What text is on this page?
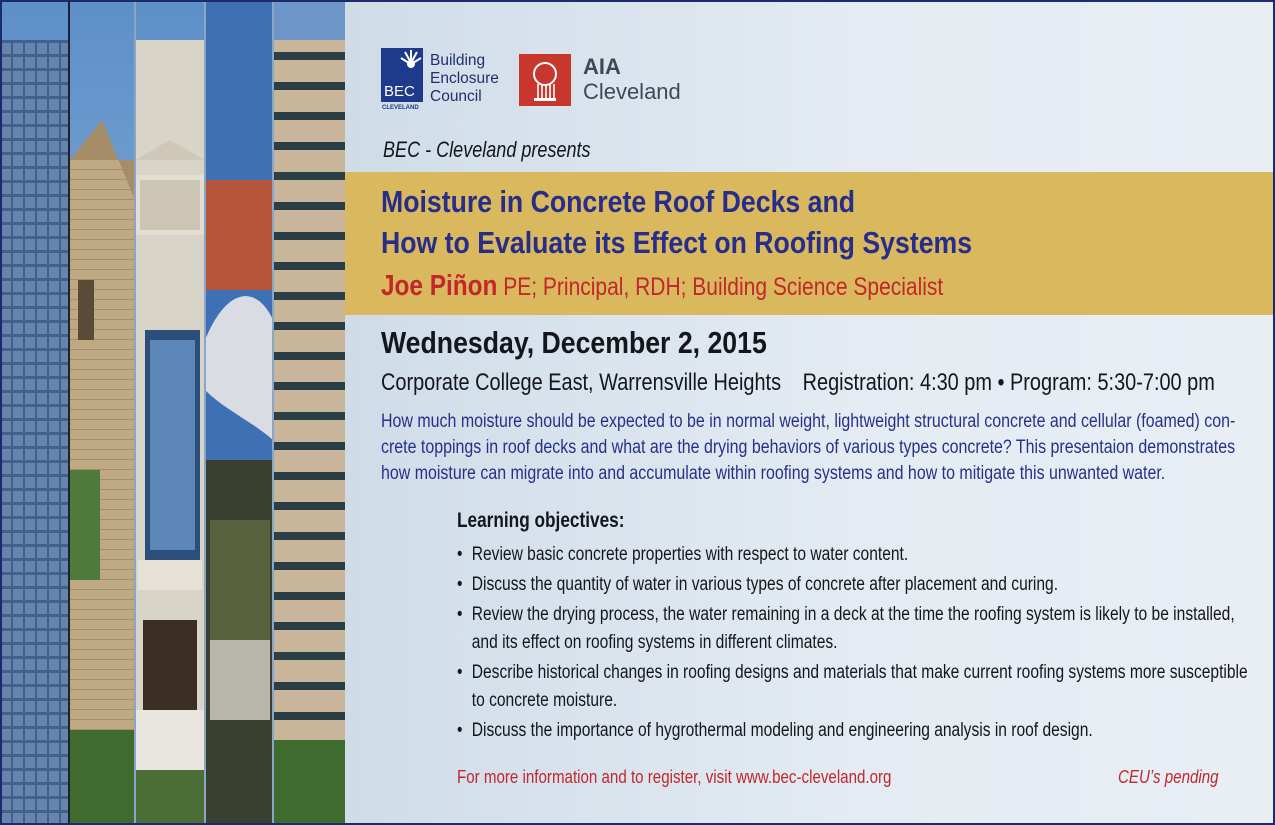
BEC
CLEVELAND
Building
Enclosure
Council
AIA
Cleveland
BEC - Cleveland presents
Moisture in Concrete Roof Decks and
How to Evaluate its Effect on Roofing Systems
Joe Piñon PE; Principal, RDH; Building Science Specialist
Wednesday, December 2, 2015
Corporate College East, Warrensville Heights Registration: 4:30 pm • Program: 5:30-7:00 pm
How much moisture should be expected to be in normal weight, lightweight structural concrete and cellular (foamed) con-
crete toppings in roof decks and what are the drying behaviors of various types concrete? This presentaion demonstrates
how moisture can migrate into and accumulate within roofing systems and how to mitigate this unwanted water.
Learning objectives:
• Review basic concrete properties with respect to water content.
• Discuss the quantity of water in various types of concrete after placement and curing.
• Review the drying process, the water remaining in a deck at the time the roofing system is likely to be installed,
and its effect on roofing systems in different climates.
• Describe historical changes in roofing designs and materials that make current roofing systems more susceptible
to concrete moisture.
• Discuss the importance of hygrothermal modeling and engineering analysis in roof design.
For more information and to register, visit www.bec-cleveland.org	CEU’s pending
